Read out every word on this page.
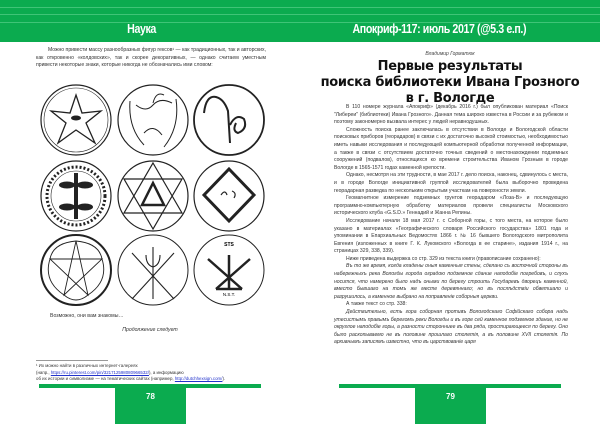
Наука	Апокриф-117: июль 2017 (@5.3 е.п.)

Можно привести массу разнообразных фигур гексов¹ — как традиционных, так и авторских, как откровенно «колдовских», так и скорее декоративных, — однако считаем уместным привести некоторые знаки, которые никогда не обозначались ими словом:

STS
N.S.T.
Возможно, они вам знакомы…
Продолжение следует
¹ Их можно найти в различных интернет-галереях
(напр., https://ru.pinterest.com/pin/321712598080966532/), а информацию
об их истории и символизме — на тематических сайтах (например, http://dutchhexsign.com/).
78
Владимир Горматюк
Первые результаты
поиска библиотеки Ивана Грозного
в г. Вологде

В 110 номере журнала «Апокриф» (декабрь 2016 г.) был опубликован материал «Поиск "Либереи" (библиотеки) Ивана Грозного». Данная тема широко известна в России и за рубежом и поэтому закономерно вызвала интерес у людей неравнодушных.

Сложность поиска ранее заключалась в отсутствии в Вологде и Вологодской области поисковых приборов (георадаров) в связи с их достаточно высокой стоимостью, необходимостью иметь навыки исследования и последующей компьютерной обработки полученной информации, а также в связи с отсутствием достаточно точных сведений о местонахождении подземных сооружений (подвалов), относящихся ко времени строительства Иваном Грозным в городе Вологде в 1565-1571 годах каменной крепости.

Однако, несмотря на эти трудности, в мае 2017 г. дело поиска, наконец, сдвинулось с места, и в городе Вологде инициативной группой исследователей была выборочно проведена георадарная разведка по нескольким открытым участкам на поверхности земли.

Геомагнитное измерение подземных грунтов георадаром «Лоза-В» и последующую программно-компьютерную обработку материалов провели специалисты Московского исторического клуба «G.S.D.» Геннадий и Жанна Репины.

Исследование начали 18 мая 2017 г. с Соборной горы, с того места, на которое было указано в материалах «Географического словаря Российского государства» 1801 года и упоминании в Епархиальных Ведомостях 1866 г. № 16 бывшего Вологодского митрополита Евгения (изложенных в книге Г. К. Лукомского «Вологда в ее старине», издания 1914 г., на страницах 329, 338, 339).

Ниже приведена выдержка со стр. 329 из текста книги (правописание сохранено):

Въ то же время, когда кладены оныя каменныя стены, сделано съ восточной стороны въ набережныхъ река Вологды города оградою подземное сдание наподобіе погребовъ, и слухъ носится, что намерено было надъ оными по берегу строить Государевъ дворецъ каменной, вместо бывшаго на томъ же месте деревяннаго; но въ послѣдствіи обветшало и разрушилось, а каменное выбрано на поправленіе соборныя церкви.

А также текст со стр. 338:

Действительно, есть гора соборная противъ Вологодскаго Софійскаго собора надъ утесистымъ правымъ берегомъ реки Вологды и въ горе сей каменное подземное здание, но не округлое наподобіе горы, а разности сторонниее въ два ряда, простирающееся по берегу. Оно было раскопываемо не въ половине прошлаго столетія, а въ половине XVII столетія. По архивнымъ записямъ известно, что въ царствованіе царя

79
